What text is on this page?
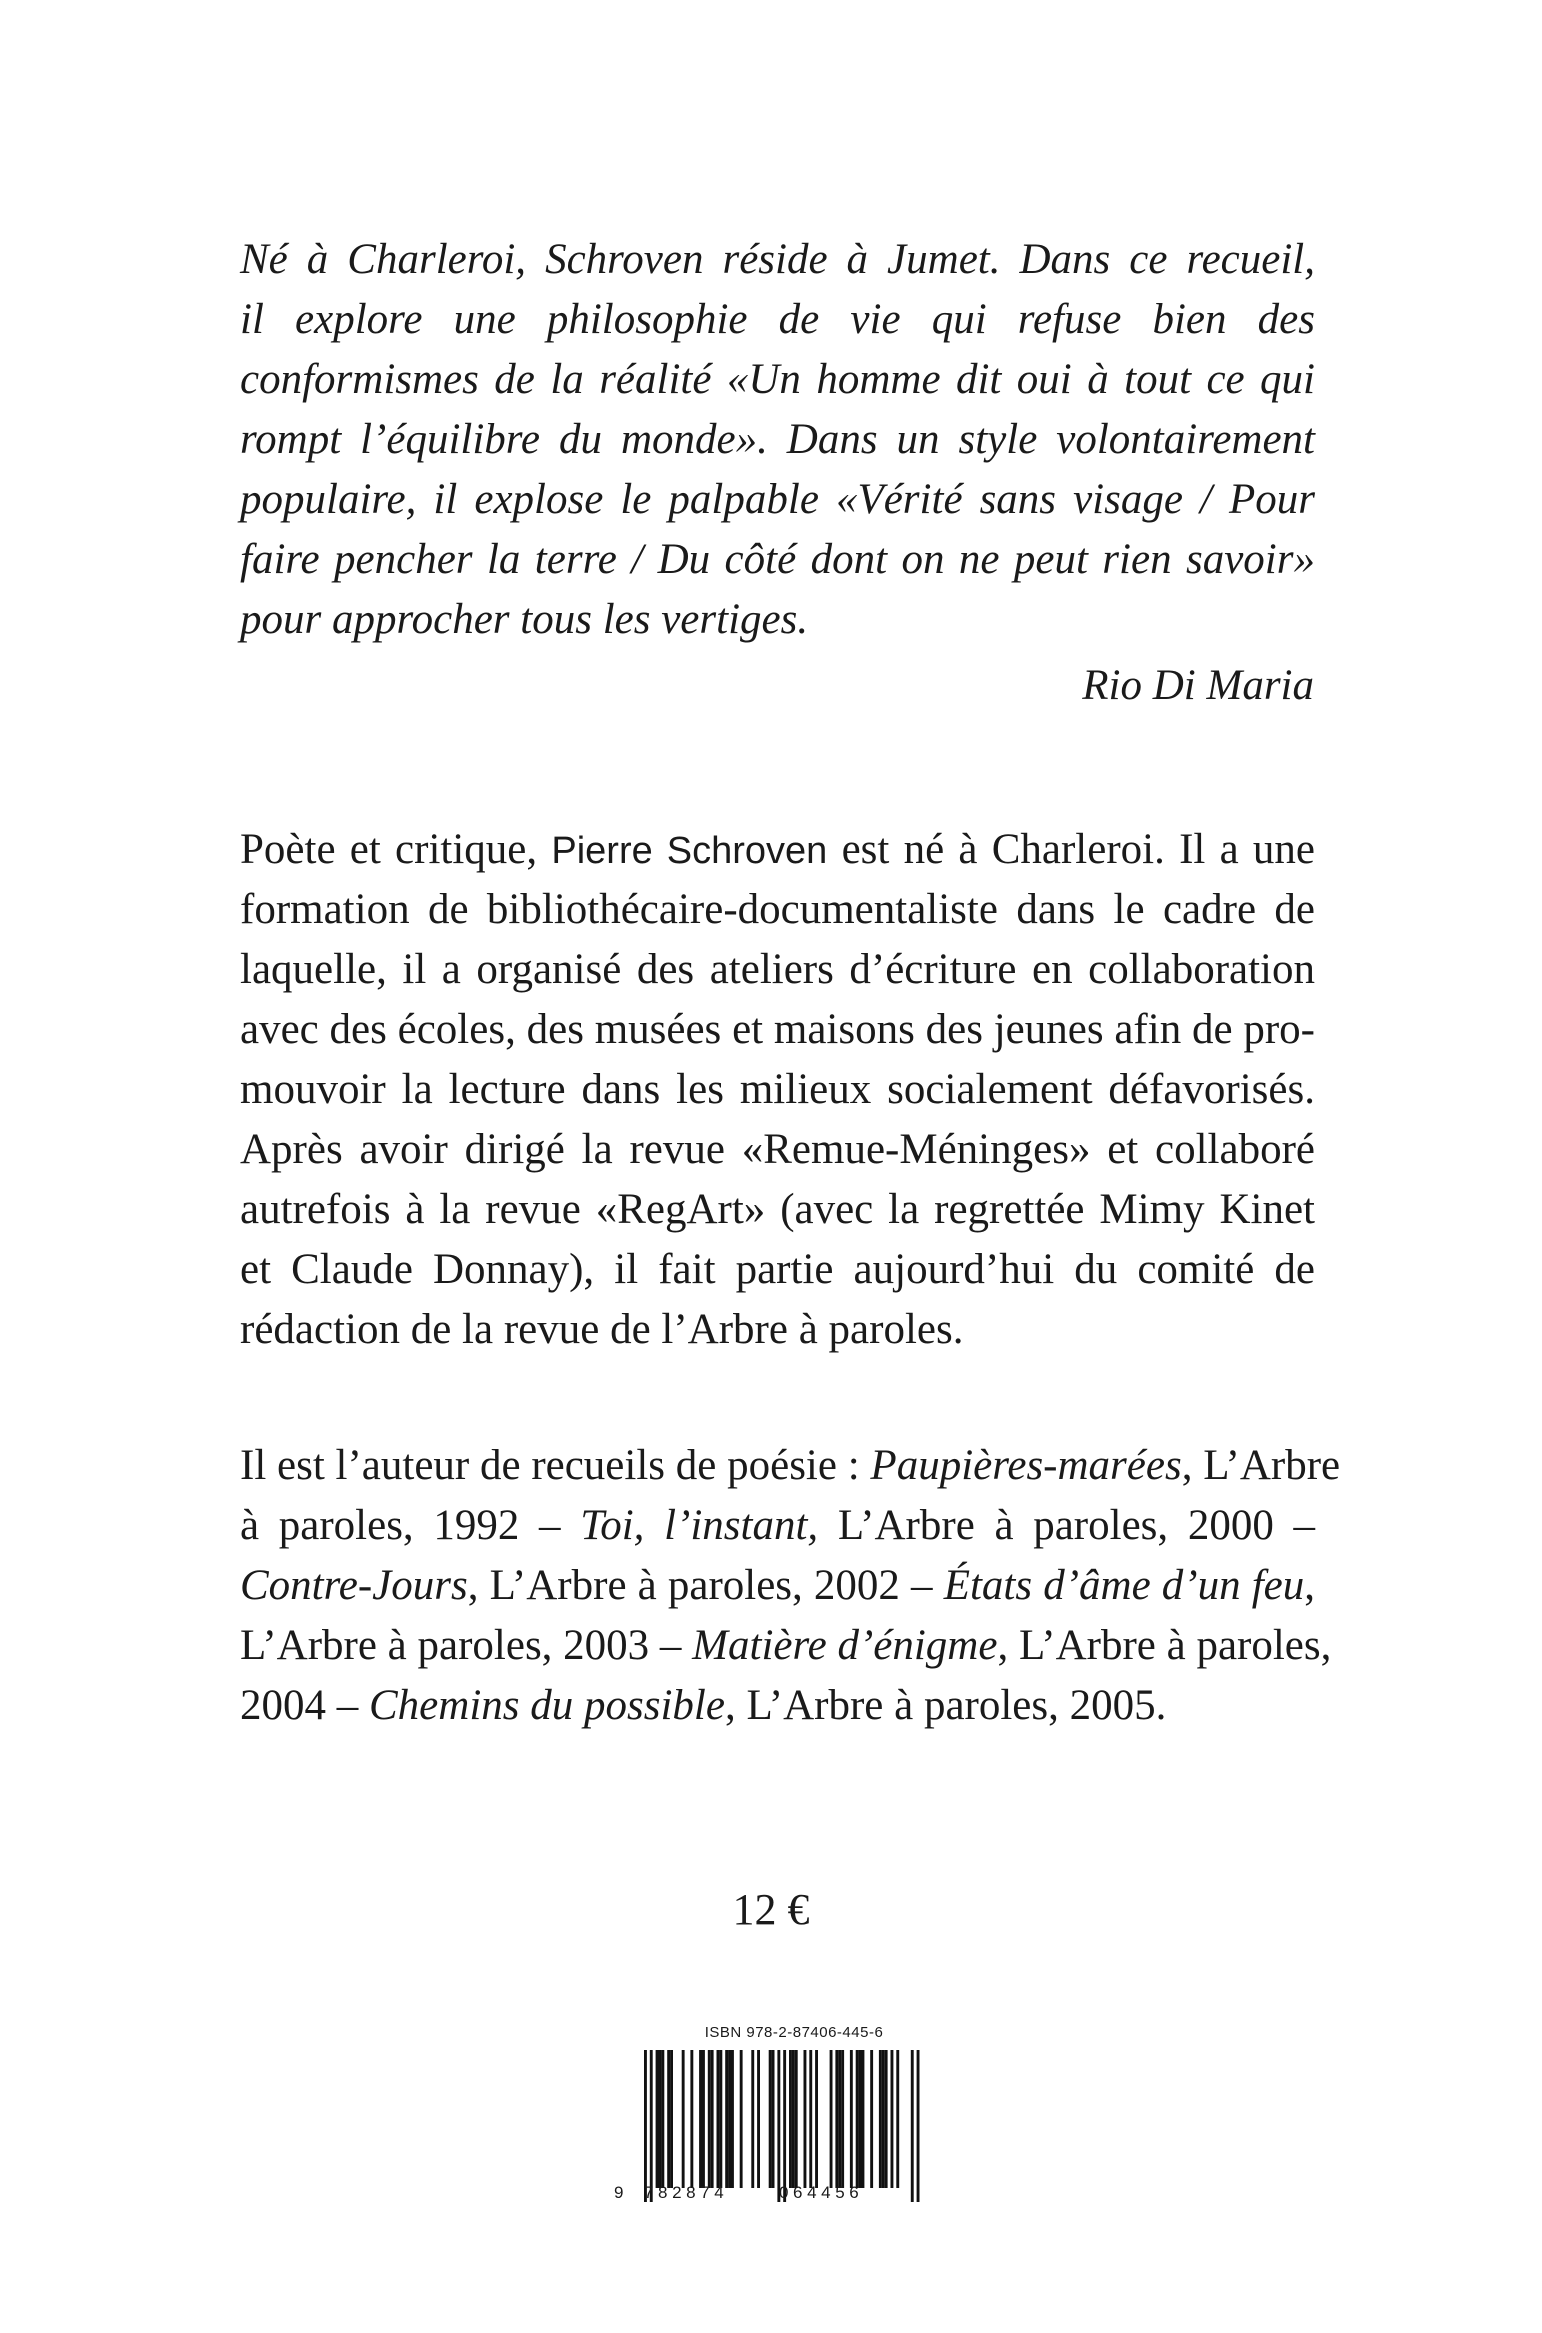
Né à Charleroi, Schroven réside à Jumet. Dans ce recueil,
il explore une philosophie de vie qui refuse bien des
conformismes de la réalité «Un homme dit oui à tout ce qui
rompt l’équilibre du monde». Dans un style volontairement
populaire, il explose le palpable «Vérité sans visage / Pour
faire pencher la terre / Du côté dont on ne peut rien savoir»
pour approcher tous les vertiges.
Rio Di Maria
Poète et critique, Pierre Schroven est né à Charleroi. Il a une
formation de bibliothécaire-documentaliste dans le cadre de
laquelle, il a organisé des ateliers d’écriture en collaboration
avec des écoles, des musées et maisons des jeunes afin de pro-
mouvoir la lecture dans les milieux socialement défavorisés.
Après avoir dirigé la revue «Remue-Méninges» et collaboré
autrefois à la revue «RegArt» (avec la regrettée Mimy Kinet
et Claude Donnay), il fait partie aujourd’hui du comité de
rédaction de la revue de l’Arbre à paroles.
Il est l’auteur de recueils de poésie : Paupières-marées, L’Arbre
à paroles, 1992 – Toi, l’instant, L’Arbre à paroles, 2000 –
Contre-Jours, L’Arbre à paroles, 2002 – États d’âme d’un feu,
L’Arbre à paroles, 2003 – Matière d’énigme, L’Arbre à paroles,
2004 – Chemins du possible, L’Arbre à paroles, 2005.
12 €
ISBN 978-2-87406-445-6
9 782874	064456
